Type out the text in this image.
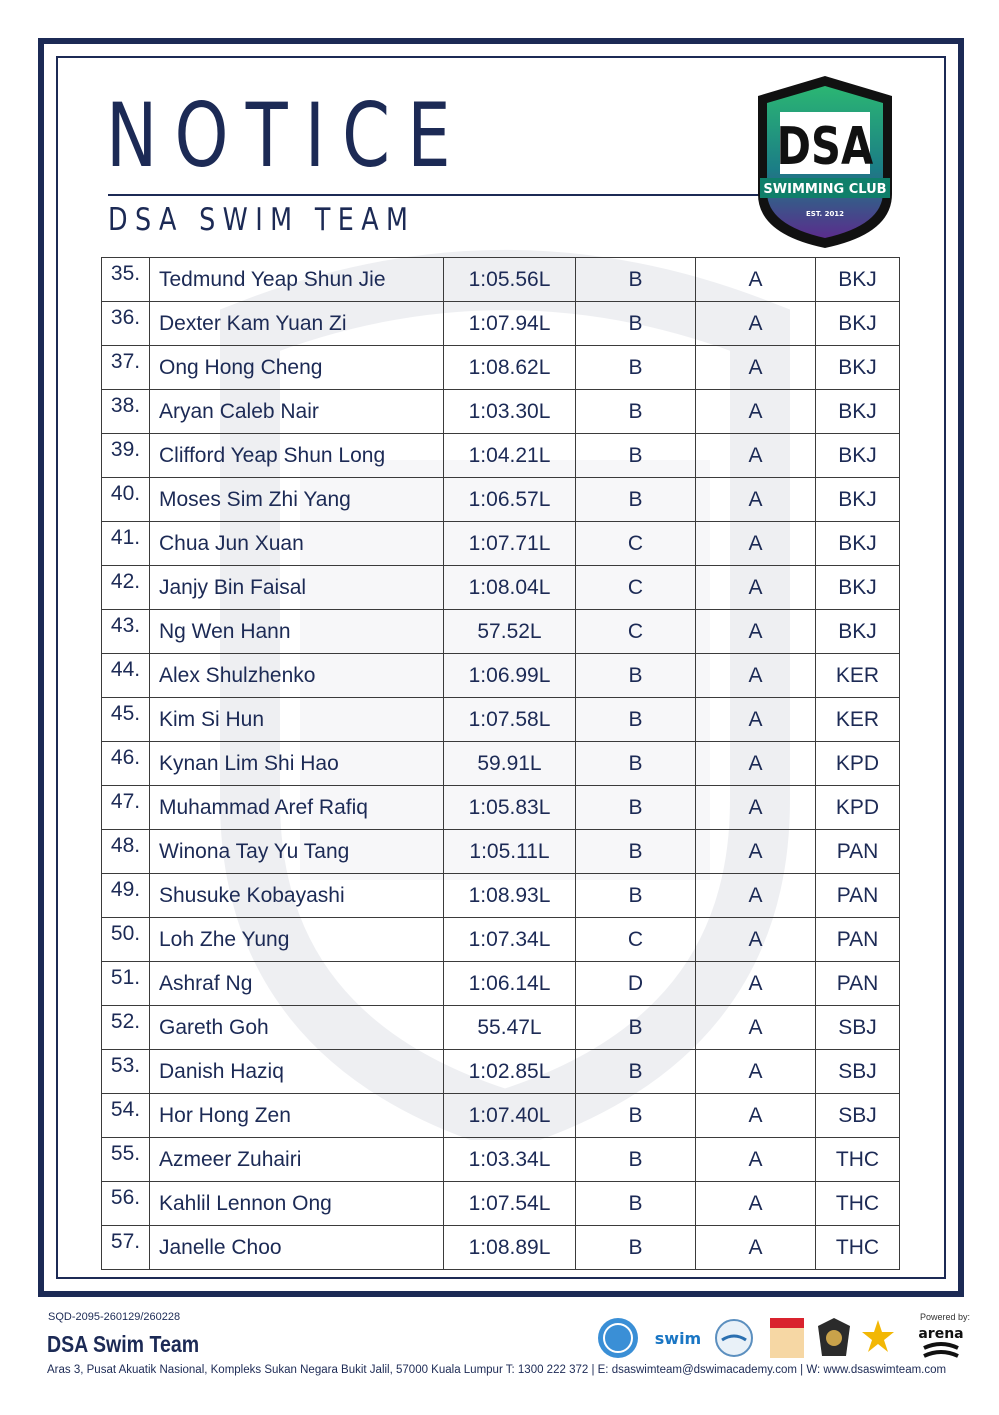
NOTICE
DSA SWIM TEAM
DSA
SWIMMING CLUB
EST. 2012
35.	Tedmund Yeap Shun Jie	1:05.56L	B	A	BKJ
36.	Dexter Kam Yuan Zi	1:07.94L	B	A	BKJ
37.	Ong Hong Cheng	1:08.62L	B	A	BKJ
38.	Aryan Caleb Nair	1:03.30L	B	A	BKJ
39.	Clifford Yeap Shun Long	1:04.21L	B	A	BKJ
40.	Moses Sim Zhi Yang	1:06.57L	B	A	BKJ
41.	Chua Jun Xuan	1:07.71L	C	A	BKJ
42.	Janjy Bin Faisal	1:08.04L	C	A	BKJ
43.	Ng Wen Hann	57.52L	C	A	BKJ
44.	Alex Shulzhenko	1:06.99L	B	A	KER
45.	Kim Si Hun	1:07.58L	B	A	KER
46.	Kynan Lim Shi Hao	59.91L	B	A	KPD
47.	Muhammad Aref Rafiq	1:05.83L	B	A	KPD
48.	Winona Tay Yu Tang	1:05.11L	B	A	PAN
49.	Shusuke Kobayashi	1:08.93L	B	A	PAN
50.	Loh Zhe Yung	1:07.34L	C	A	PAN
51.	Ashraf Ng	1:06.14L	D	A	PAN
52.	Gareth Goh	55.47L	B	A	SBJ
53.	Danish Haziq	1:02.85L	B	A	SBJ
54.	Hor Hong Zen	1:07.40L	B	A	SBJ
55.	Azmeer Zuhairi	1:03.34L	B	A	THC
56.	Kahlil Lennon Ong	1:07.54L	B	A	THC
57.	Janelle Choo	1:08.89L	B	A	THC
SQD-2095-260129/260228
DSA Swim Team
Aras 3, Pusat Akuatik Nasional, Kompleks Sukan Negara Bukit Jalil, 57000 Kuala Lumpur T: 1300 222 372 | E: dsaswimteam@dswimacademy.com | W: www.dsaswimteam.com
swim
Powered by:
arena
